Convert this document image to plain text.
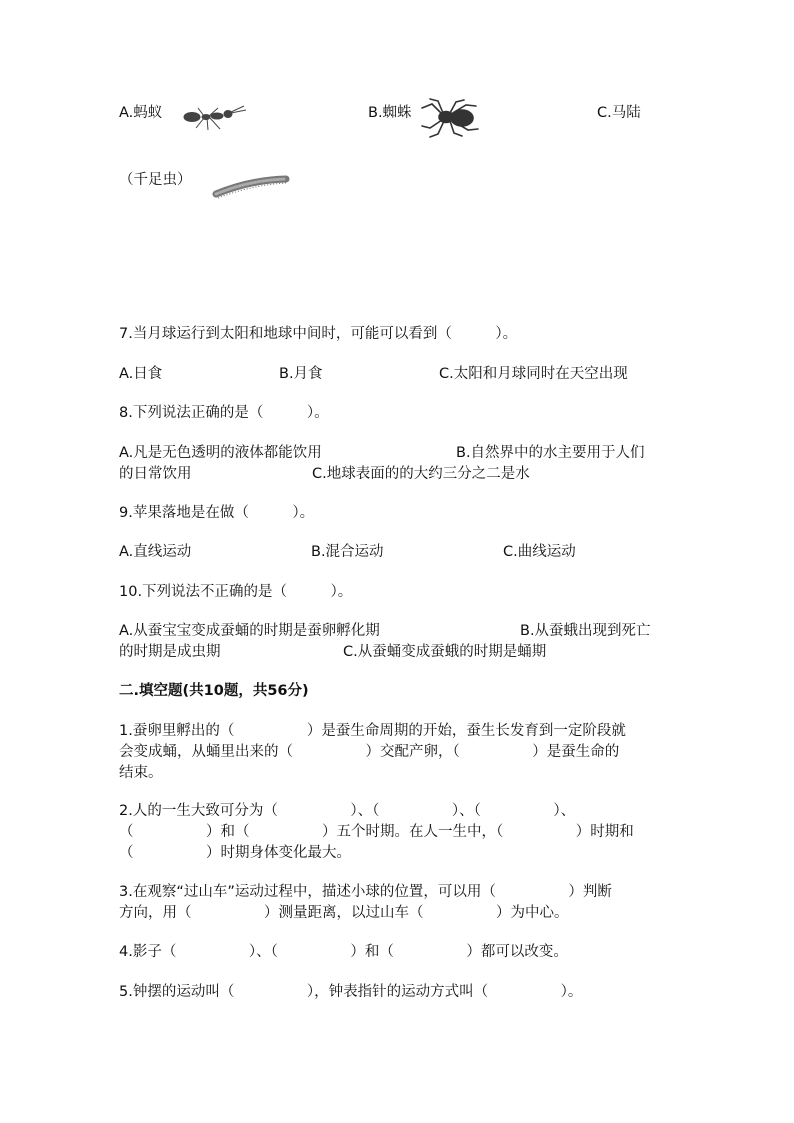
A.蚂蚁	B.蜘蛛	C.马陆
（千足虫）
7.当月球运行到太阳和地球中间时，可能可以看到（　　　）。
A.日食	B.月食	C.太阳和月球同时在天空出现
8.下列说法正确的是（　　　）。
A.凡是无色透明的液体都能饮用	B.自然界中的水主要用于人们
的日常饮用	C.地球表面的的大约三分之二是水
9.苹果落地是在做（　　　）。
A.直线运动	B.混合运动	C.曲线运动
10.下列说法不正确的是（　　　）。
A.从蚕宝宝变成蚕蛹的时期是蚕卵孵化期	B.从蚕蛾出现到死亡
的时期是成虫期	C.从蚕蛹变成蚕蛾的时期是蛹期
二.填空题(共10题，共56分)
1.蚕卵里孵出的（　　　　　）是蚕生命周期的开始，蚕生长发育到一定阶段就
会变成蛹，从蛹里出来的（　　　　　）交配产卵，（　　　　　）是蚕生命的
结束。
2.人的一生大致可分为（　　　　　）、（　　　　　）、（　　　　　）、
（　　　　　）和（　　　　　）五个时期。在人一生中，（　　　　　）时期和
（　　　　　）时期身体变化最大。
3.在观察“过山车”运动过程中，描述小球的位置，可以用（　　　　　）判断
方向，用（　　　　　）测量距离，以过山车（　　　　　）为中心。
4.影子（　　　　　）、（　　　　　）和（　　　　　）都可以改变。
5.钟摆的运动叫（　　　　　），钟表指针的运动方式叫（　　　　　）。
